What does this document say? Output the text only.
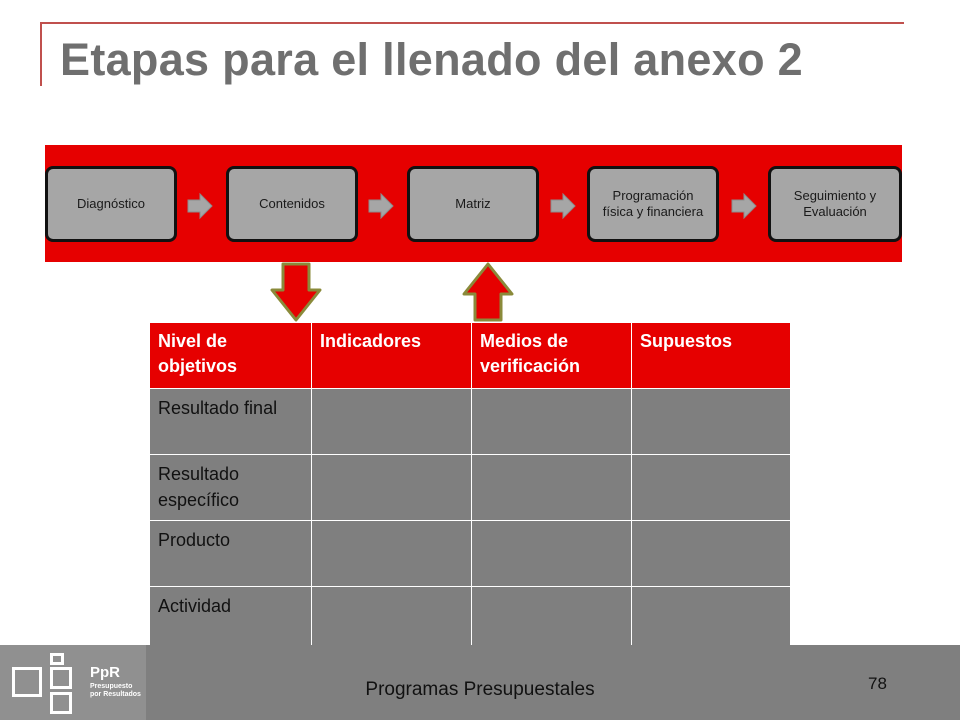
Etapas para el llenado del anexo 2
Diagnóstico	Contenidos	Matriz
Programación física y financiera
Seguimiento y Evaluación
Nivel de objetivos	Indicadores	Medios de verificación	Supuestos
Resultado final			
Resultado específico			
Producto			
Actividad			
PpR
Presupuesto
por Resultados	Programas Presupuestales	78
